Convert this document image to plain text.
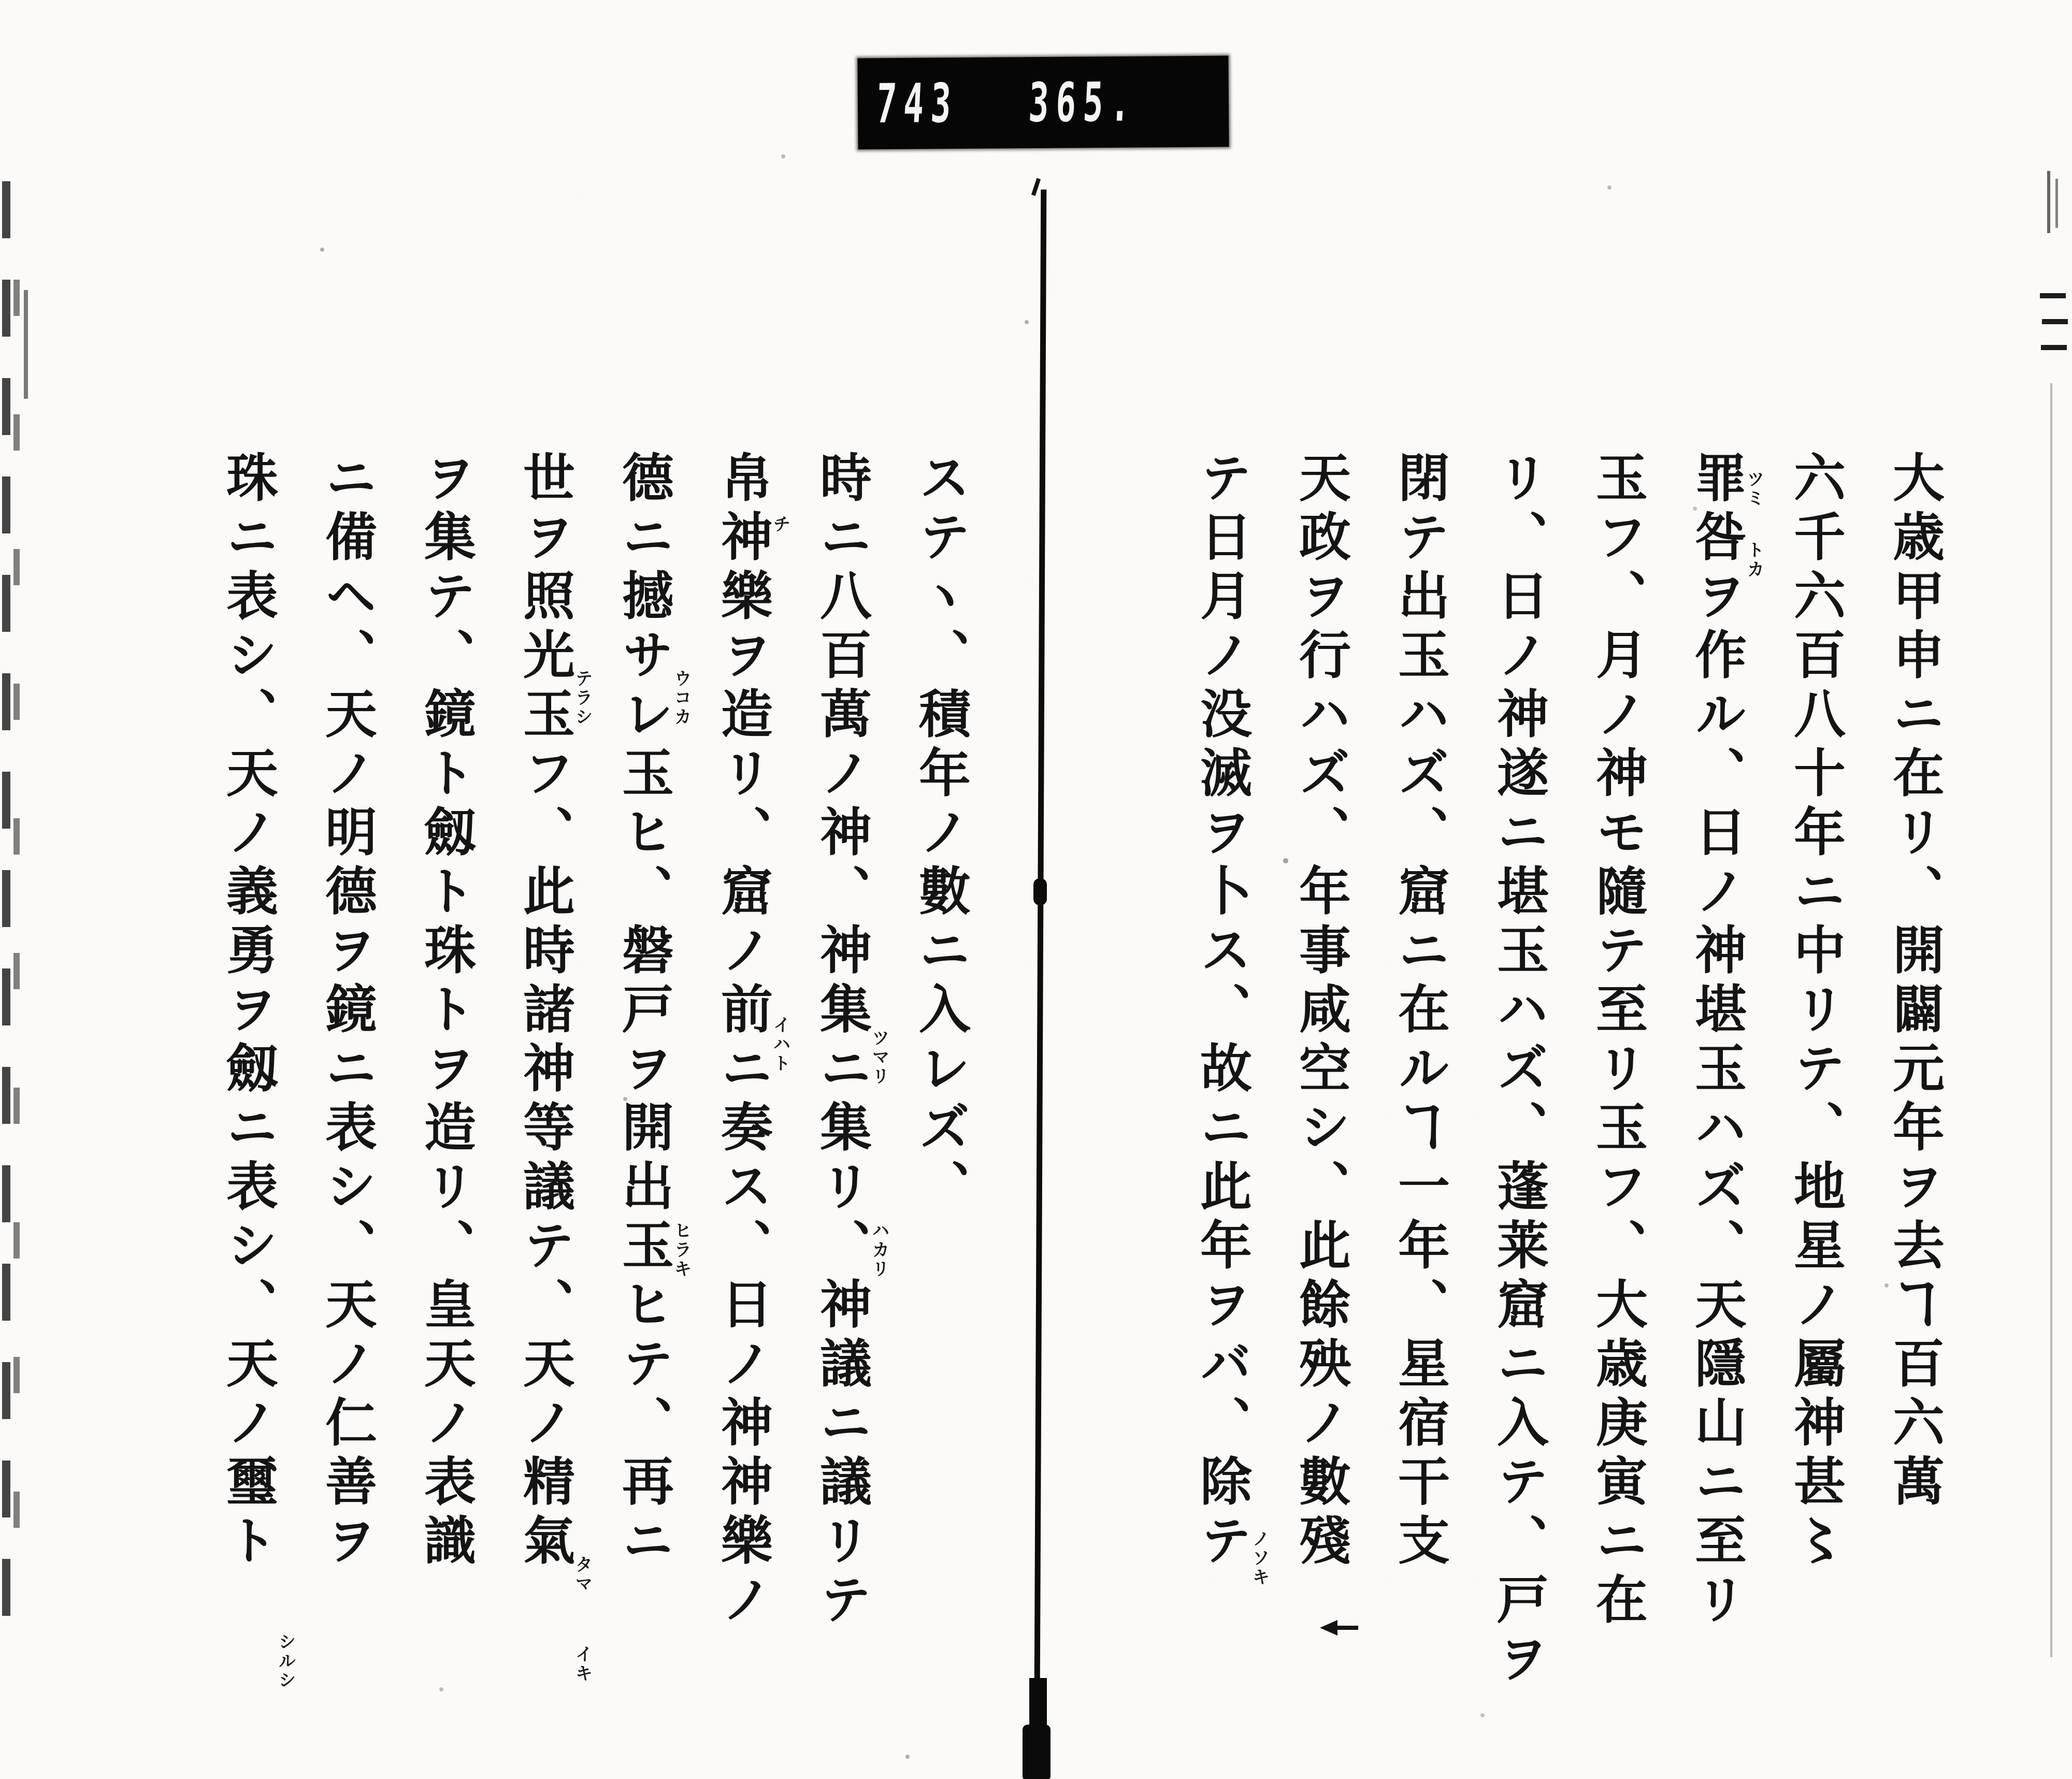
743 365.
大歳甲申ニ在リ、開闢元年ヲ去ヿ百六萬
六千六百八十年ニ中リテ、地星ノ屬神甚〻
罪咎ヲ作ル、日ノ神堪玉ハズ、天隱山ニ至リ
ツミ
トカ
玉フ、月ノ神モ隨テ至リ玉フ、大歳庚寅ニ在
リ、日ノ神遂ニ堪玉ハズ、蓬莱窟ニ入テ、戸ヲ
閉テ出玉ハズ、窟ニ在ルヿ一年、星宿干支
天政ヲ行ハズ、年事咸空シ、此餘殃ノ數殘
テ日月ノ没滅ヲ卜ス、故ニ此年ヲバ、除テ
ノソキ
ステヽ、積年ノ數ニ入レズ、
時ニ八百萬ノ神、神集ニ集リ、神議ニ議リテ
ツマリ
ハカリ
帛神樂ヲ造リ、窟ノ前ニ奏ス、日ノ神神樂ノ
チ
イハト
德ニ撼サレ玉ヒ、磐戸ヲ開出玉ヒテ、再ニ
ウコカ
ヒラキ
世ヲ照光玉フ、此時諸神等議テ、天ノ精氣
テラシ
タマ
イキ
ヲ集テ、鏡ト劔ト珠トヲ造リ、皇天ノ表識
ニ備ヘ、天ノ明德ヲ鏡ニ表シ、天ノ仁善ヲ
珠ニ表シ、天ノ義勇ヲ劔ニ表シ、天ノ璽ト
シルシ
